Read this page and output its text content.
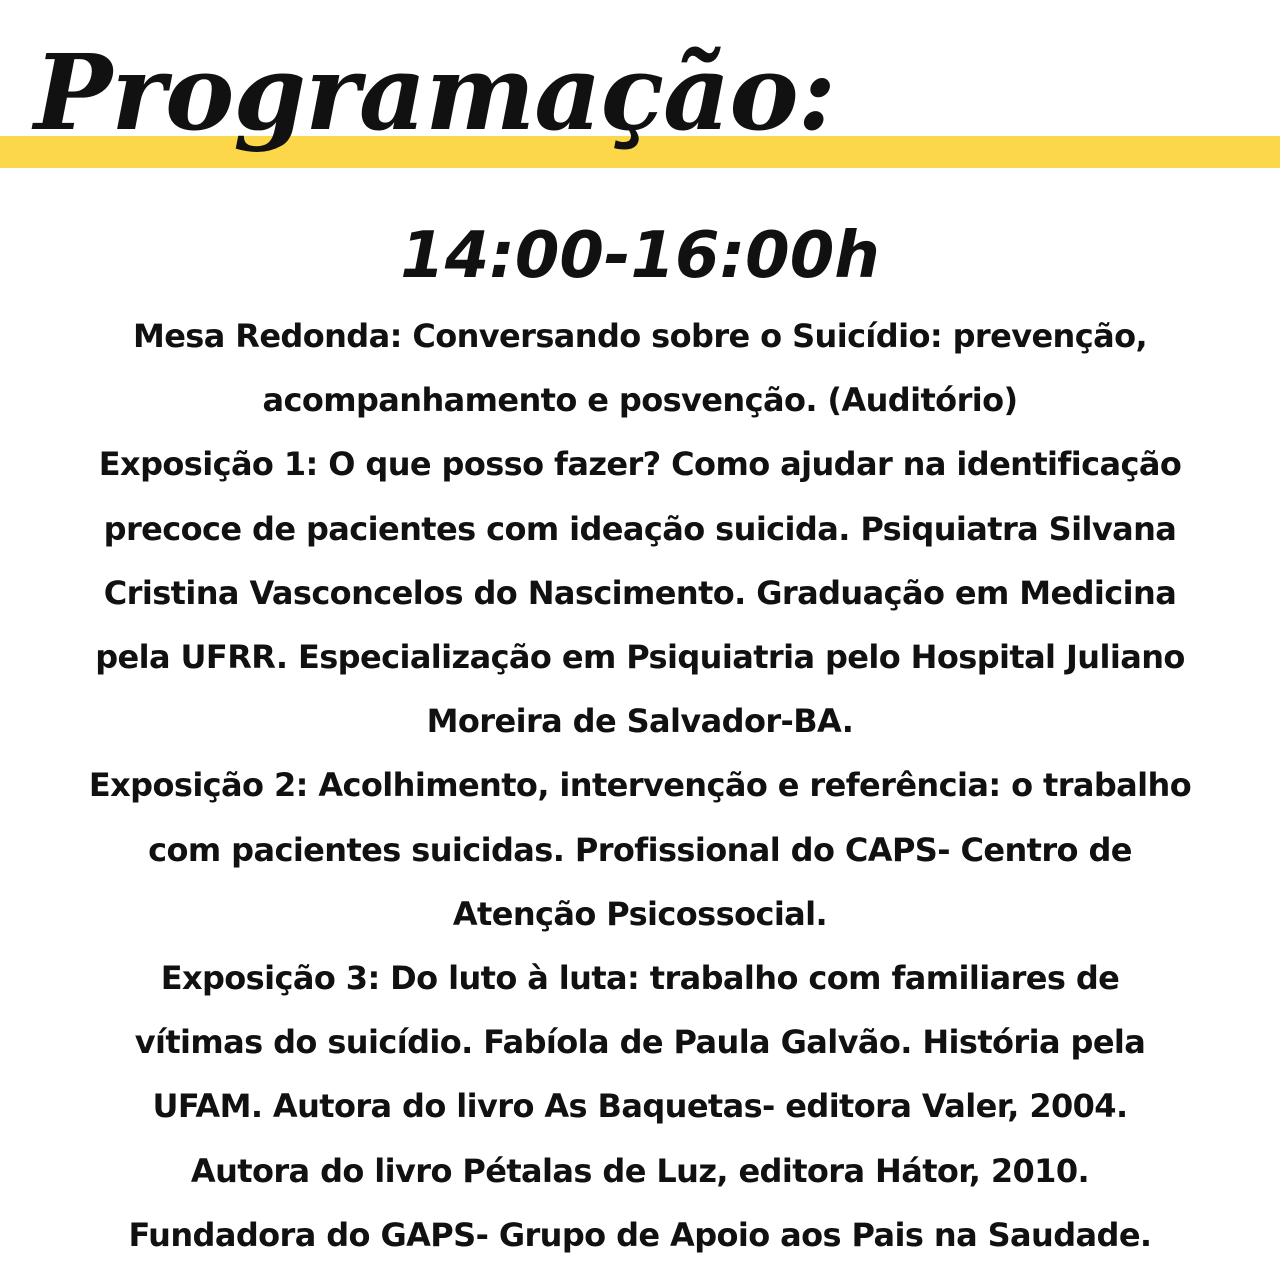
Programação:
14:00-16:00h
Mesa Redonda: Conversando sobre o Suicídio: prevenção,
acompanhamento e posvenção. (Auditório)
Exposição 1: O que posso fazer? Como ajudar na identificação
precoce de pacientes com ideação suicida. Psiquiatra Silvana
Cristina Vasconcelos do Nascimento. Graduação em Medicina
pela UFRR. Especialização em Psiquiatria pelo Hospital Juliano
Moreira de Salvador-BA.
Exposição 2: Acolhimento, intervenção e referência: o trabalho
com pacientes suicidas. Profissional do CAPS- Centro de
Atenção Psicossocial.
Exposição 3: Do luto à luta: trabalho com familiares de
vítimas do suicídio. Fabíola de Paula Galvão. História pela
UFAM. Autora do livro As Baquetas- editora Valer, 2004.
Autora do livro Pétalas de Luz, editora Hátor, 2010.
Fundadora do GAPS- Grupo de Apoio aos Pais na Saudade.
